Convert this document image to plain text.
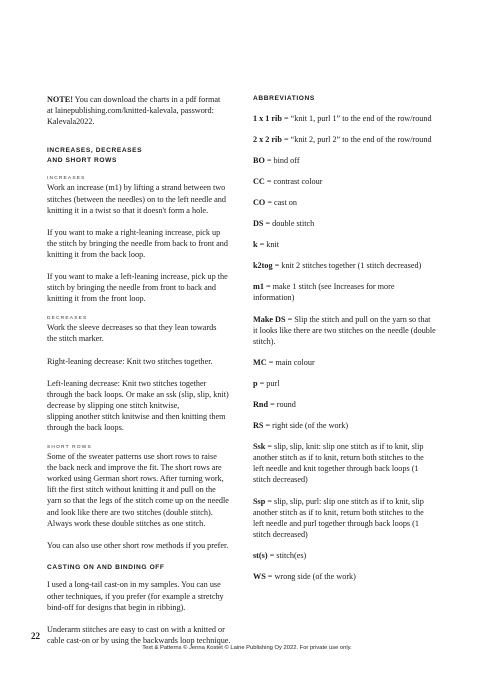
NOTE! You can download the charts in a pdf format
at lainepublishing.com/knitted-kalevala, password:
Kalevala2022.

INCREASES, DECREASES
AND SHORT ROWS

INCREASES

Work an increase (m1) by lifting a strand between two
stitches (between the needles) on to the left needle and
knitting it in a twist so that it doesn't form a hole.

If you want to make a right-leaning increase, pick up
the stitch by bringing the needle from back to front and
knitting it from the back loop.

If you want to make a left-leaning increase, pick up the
stitch by bringing the needle from front to back and
knitting it from the front loop.

DECREASES

Work the sleeve decreases so that they lean towards
the stitch marker.

Right-leaning decrease: Knit two stitches together.

Left-leaning decrease: Knit two stitches together
through the back loops. Or make an ssk (slip, slip, knit)
decrease by slipping one stitch knitwise,
slipping another stitch knitwise and then knitting them
through the back loops.

SHORT ROWS

Some of the sweater patterns use short rows to raise
the back neck and improve the fit. The short rows are
worked using German short rows. After turning work,
lift the first stitch without knitting it and pull on the
yarn so that the legs of the stitch come up on the needle
and look like there are two stitches (double stitch).
Always work these double stitches as one stitch.

You can also use other short row methods if you prefer.

CASTING ON AND BINDING OFF

I used a long-tail cast-on in my samples. You can use
other techniques, if you prefer (for example a stretchy
bind-off for designs that begin in ribbing).

Underarm stitches are easy to cast on with a knitted or
cable cast-on or by using the backwards loop technique.

ABBREVIATIONS

1 x 1 rib = “knit 1, purl 1” to the end of the row/round

2 x 2 rib = “knit 2, purl 2” to the end of the row/round

BO = bind off

CC = contrast colour

CO = cast on

DS = double stitch

k = knit

k2tog = knit 2 stitches together (1 stitch decreased)

m1 = make 1 stitch (see Increases for more
information)

Make DS = Slip the stitch and pull on the yarn so that
it looks like there are two stitches on the needle (double
stitch).

MC = main colour

p = purl

Rnd = round

RS = right side (of the work)

Ssk = slip, slip, knit: slip one stitch as if to knit, slip
another stitch as if to knit, return both stitches to the
left needle and knit together through back loops (1
stitch decreased)

Ssp = slip, slip, purl: slip one stitch as if to knit, slip
another stitch as if to knit, return both stitches to the
left needle and purl together through back loops (1
stitch decreased)

st(s) = stitch(es)

WS = wrong side (of the work)

22
Text & Patterns © Jenna Kostet © Laine Publishing Oy 2022. For private use only.
